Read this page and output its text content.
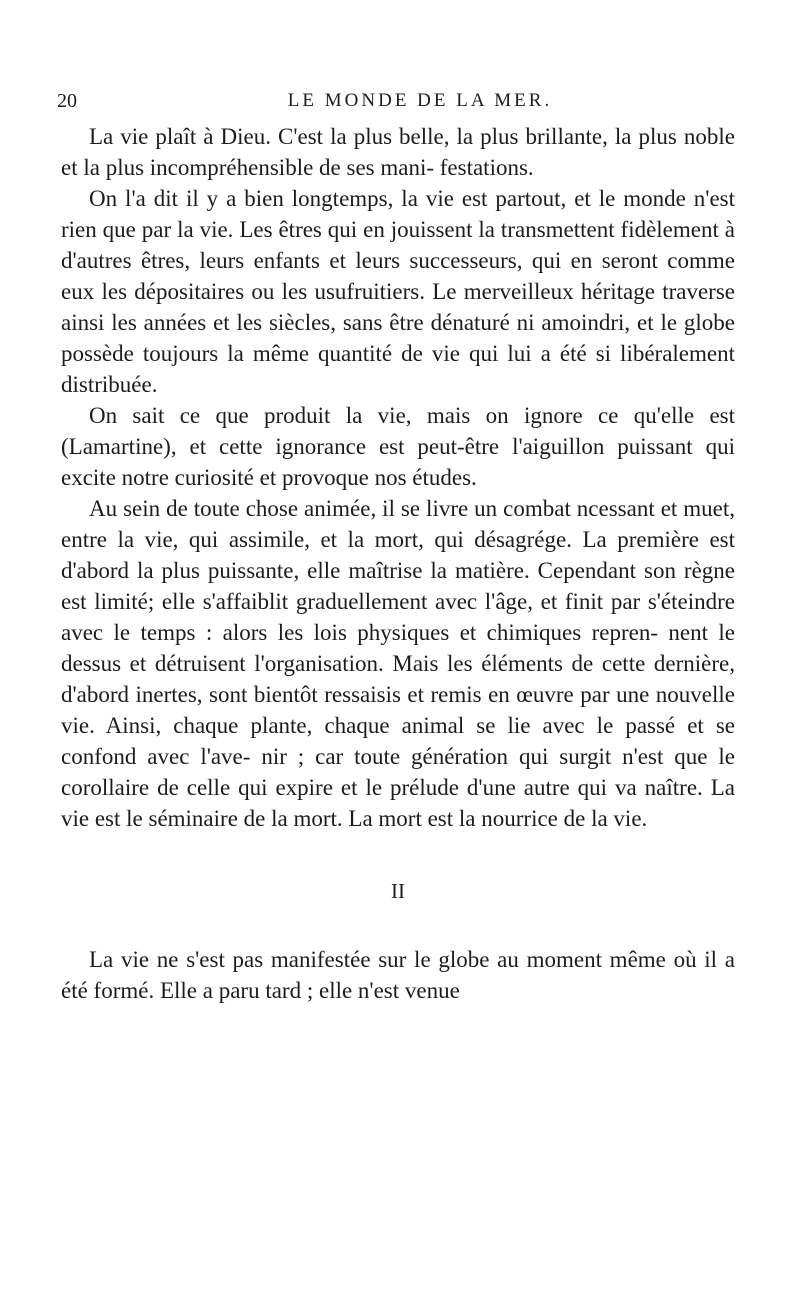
20	LE MONDE DE LA MER.

La vie plaît à Dieu. C'est la plus belle, la plus brillante, la plus noble et la plus incompréhensible de ses mani- festations.

On l'a dit il y a bien longtemps, la vie est partout, et le monde n'est rien que par la vie. Les êtres qui en jouissent la transmettent fidèlement à d'autres êtres, leurs enfants et leurs successeurs, qui en seront comme eux les dépositaires ou les usufruitiers. Le merveilleux héritage traverse ainsi les années et les siècles, sans être dénaturé ni amoindri, et le globe possède toujours la même quantité de vie qui lui a été si libéralement distribuée.

On sait ce que produit la vie, mais on ignore ce qu'elle est (Lamartine), et cette ignorance est peut-être l'aiguillon puissant qui excite notre curiosité et provoque nos études.

Au sein de toute chose animée, il se livre un combat ncessant et muet, entre la vie, qui assimile, et la mort, qui désagrége. La première est d'abord la plus puissante, elle maîtrise la matière. Cependant son règne est limité; elle s'affaiblit graduellement avec l'âge, et finit par s'éteindre avec le temps : alors les lois physiques et chimiques repren- nent le dessus et détruisent l'organisation. Mais les éléments de cette dernière, d'abord inertes, sont bientôt ressaisis et remis en œuvre par une nouvelle vie. Ainsi, chaque plante, chaque animal se lie avec le passé et se confond avec l'ave- nir ; car toute génération qui surgit n'est que le corollaire de celle qui expire et le prélude d'une autre qui va naître. La vie est le séminaire de la mort. La mort est la nourrice de la vie.

II

La vie ne s'est pas manifestée sur le globe au moment même où il a été formé. Elle a paru tard ; elle n'est venue
